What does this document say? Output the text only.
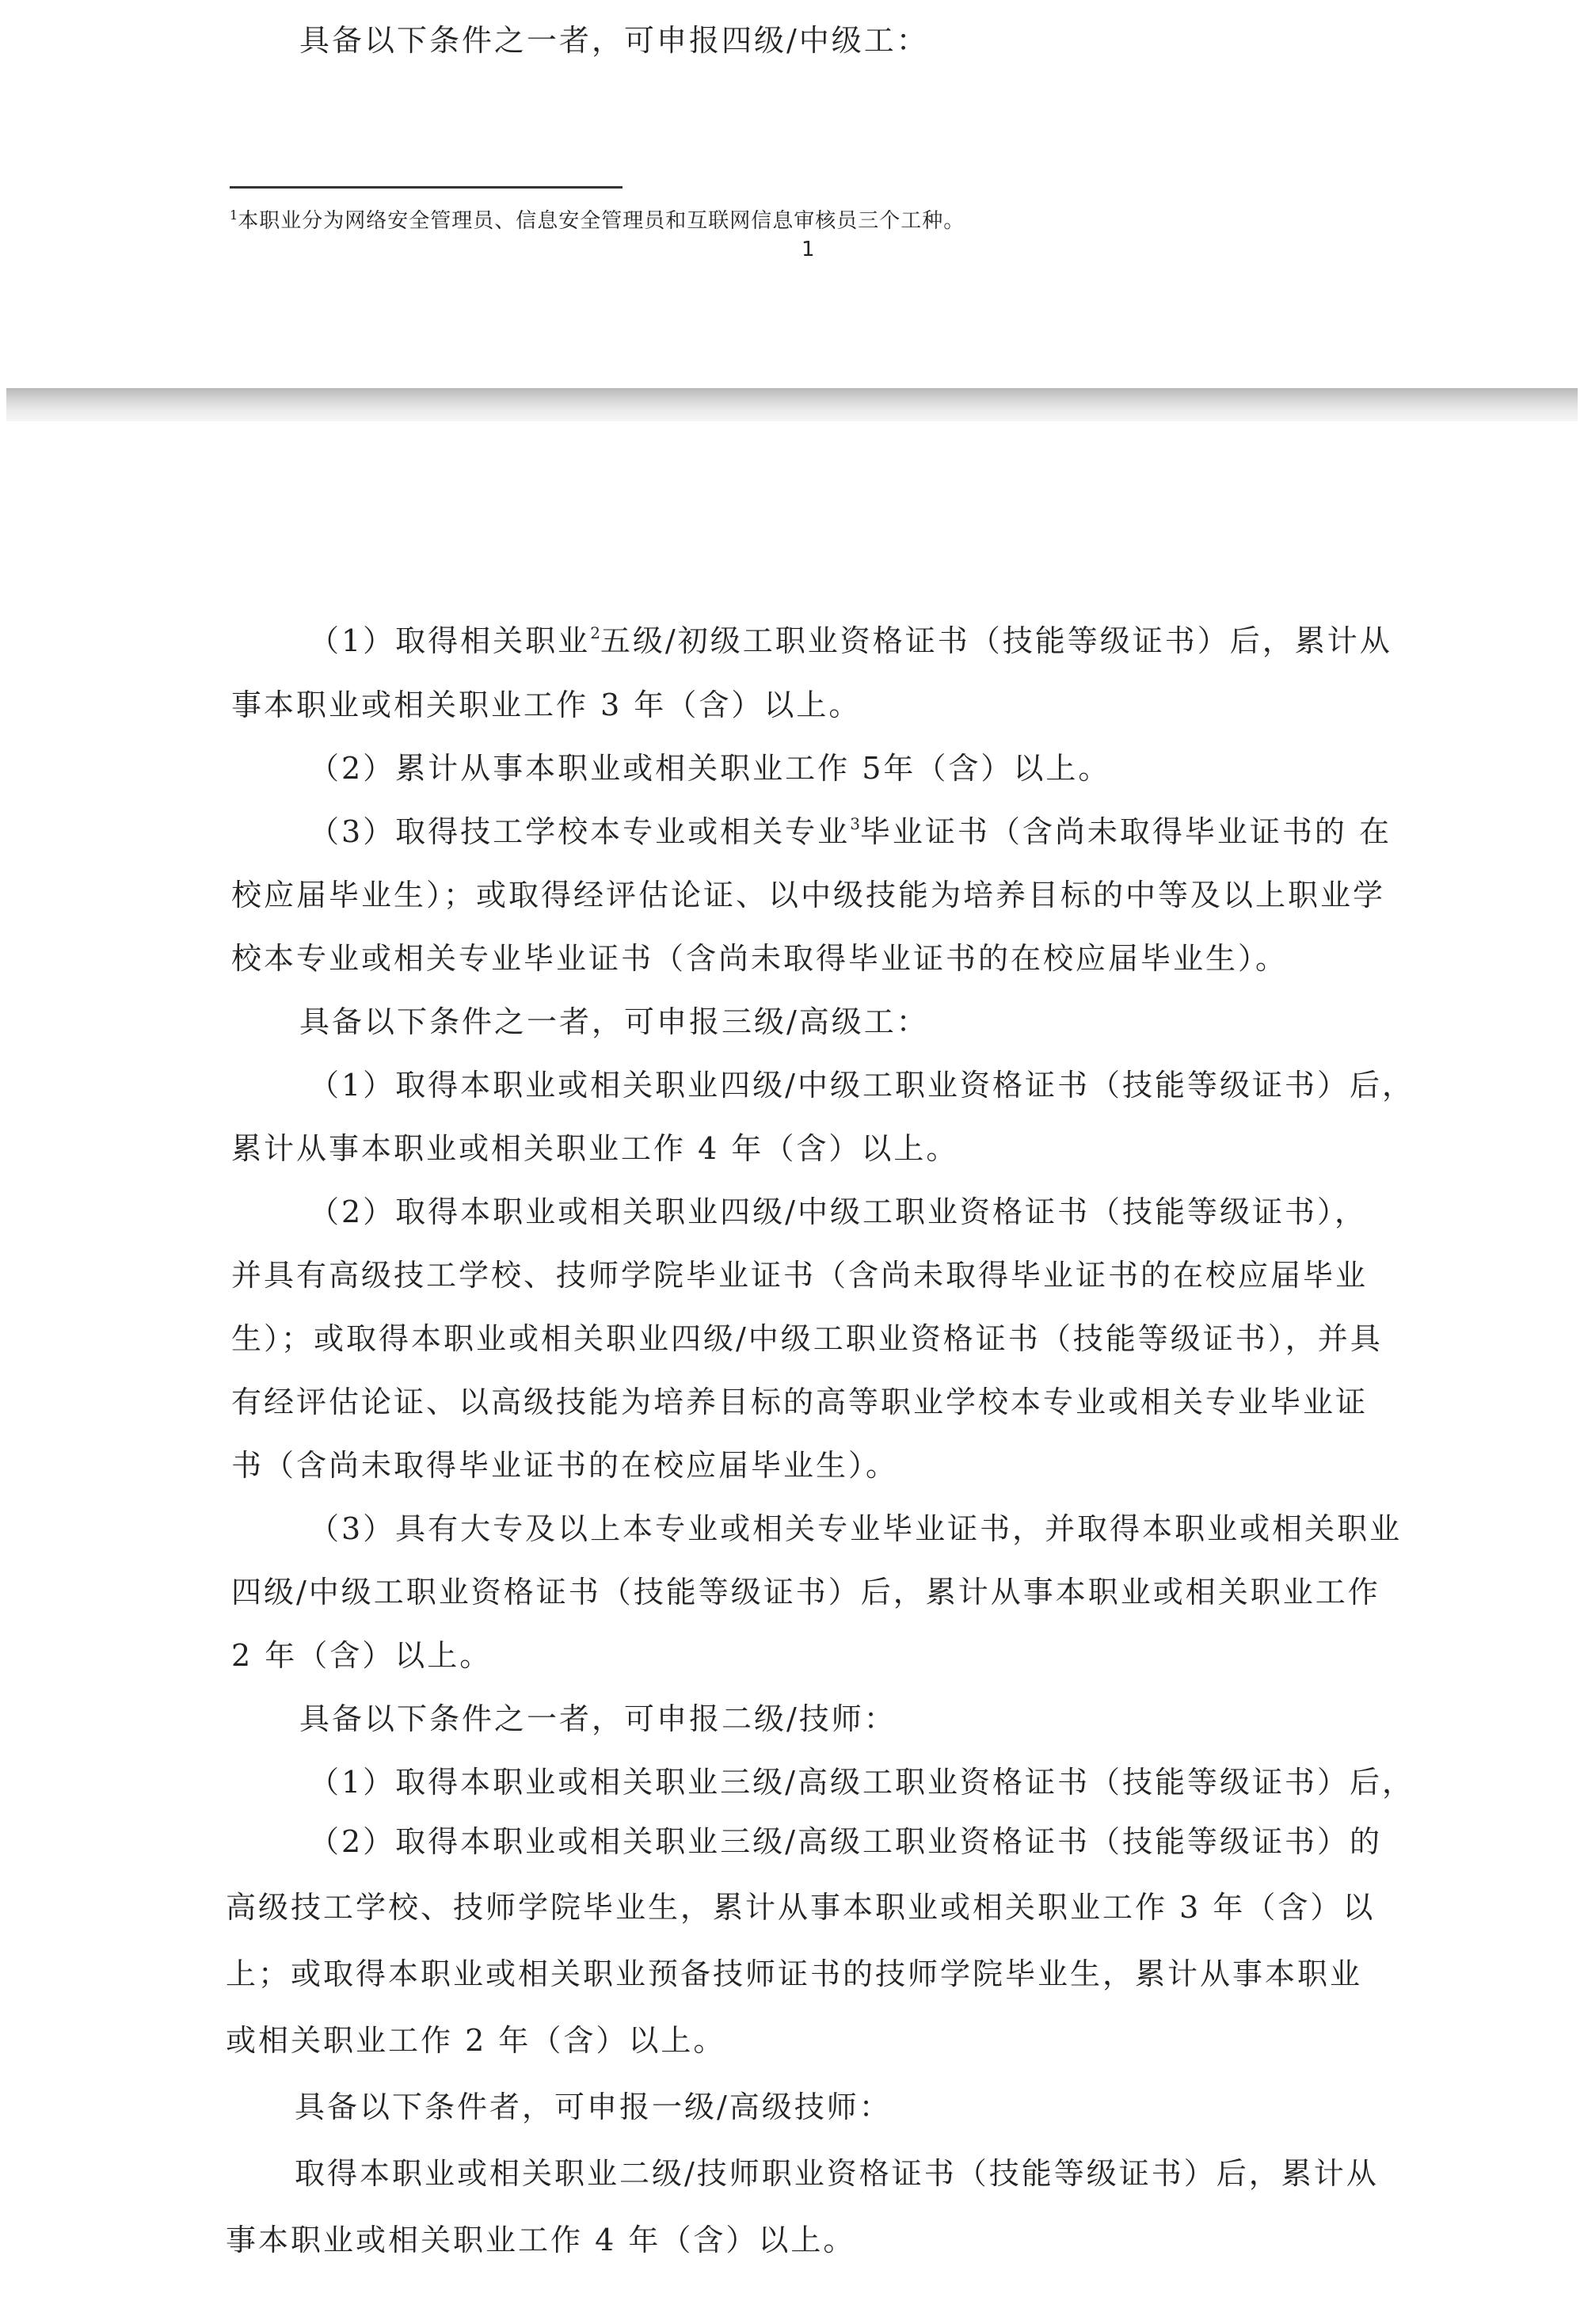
具备以下条件之一者，可申报四级/中级工：
$^1$本职业分为网络安全管理员、信息安全管理员和互联网信息审核员三个工种。
1
（1）取得相关职业$^2$五级/初级工职业资格证书（技能等级证书）后，累计从
事本职业或相关职业工作 3 年（含）以上。
（2）累计从事本职业或相关职业工作 5年（含）以上。
（3）取得技工学校本专业或相关专业$^3$毕业证书（含尚未取得毕业证书的 在
校应届毕业生）；或取得经评估论证、以中级技能为培养目标的中等及以上职业学
校本专业或相关专业毕业证书（含尚未取得毕业证书的在校应届毕业生）。
具备以下条件之一者，可申报三级/高级工：
（1）取得本职业或相关职业四级/中级工职业资格证书（技能等级证书）后，
累计从事本职业或相关职业工作 4 年（含）以上。
（2）取得本职业或相关职业四级/中级工职业资格证书（技能等级证书），
并具有高级技工学校、技师学院毕业证书（含尚未取得毕业证书的在校应届毕业
生）；或取得本职业或相关职业四级/中级工职业资格证书（技能等级证书），并具
有经评估论证、以高级技能为培养目标的高等职业学校本专业或相关专业毕业证
书（含尚未取得毕业证书的在校应届毕业生）。
（3）具有大专及以上本专业或相关专业毕业证书，并取得本职业或相关职业
四级/中级工职业资格证书（技能等级证书）后，累计从事本职业或相关职业工作
2 年（含）以上。
具备以下条件之一者，可申报二级/技师：
（1）取得本职业或相关职业三级/高级工职业资格证书（技能等级证书）后，
（2）取得本职业或相关职业三级/高级工职业资格证书（技能等级证书）的
高级技工学校、技师学院毕业生，累计从事本职业或相关职业工作 3 年（含）以
上；或取得本职业或相关职业预备技师证书的技师学院毕业生，累计从事本职业
或相关职业工作 2 年（含）以上。
具备以下条件者，可申报一级/高级技师：
取得本职业或相关职业二级/技师职业资格证书（技能等级证书）后，累计从
事本职业或相关职业工作 4 年（含）以上。
